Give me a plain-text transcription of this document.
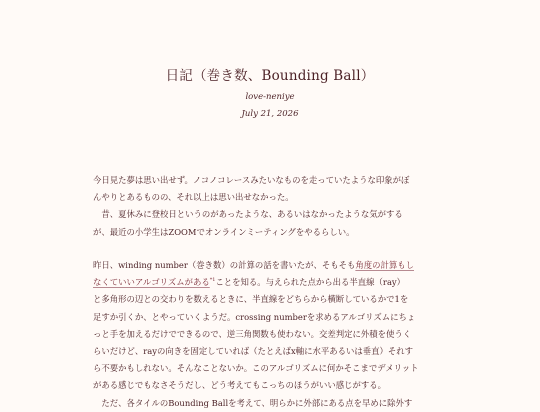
日記（巻き数、Bounding Ball）
love-neniye
July 21, 2026

今日見た夢は思い出せず。ノコノコレースみたいなものを走っていたような印象がぼ
んやりとあるものの、それ以上は思い出せなかった。
昔、夏休みに登校日というのがあったような、あるいはなかったような気がする
が、最近の小学生はZOOMでオンラインミーティングをやるらしい。

昨日、winding number（巻き数）の計算の話を書いたが、そもそも角度の計算もし
なくていいアルゴリズムがある$^{*1}$ことを知る。与えられた点から出る半直線（ray）
と多角形の辺との交わりを数えるときに、半直線をどちらから横断しているかで1を
足すか引くか、とやっていくようだ。crossing numberを求めるアルゴリズムにちょ
っと手を加えるだけでできるので、逆三角関数も使わない。交差判定に外積を使うく
らいだけど、rayの向きを固定していれば（たとえばx軸に水平あるいは垂直）それす
ら不要かもしれない。そんなことないか。このアルゴリズムに何かそこまでデメリット
がある感じでもなさそうだし、どう考えてもこっちのほうがいい感じがする。
ただ、各タイルのBounding Ballを考えて、明らかに外部にある点を早めに除外す
